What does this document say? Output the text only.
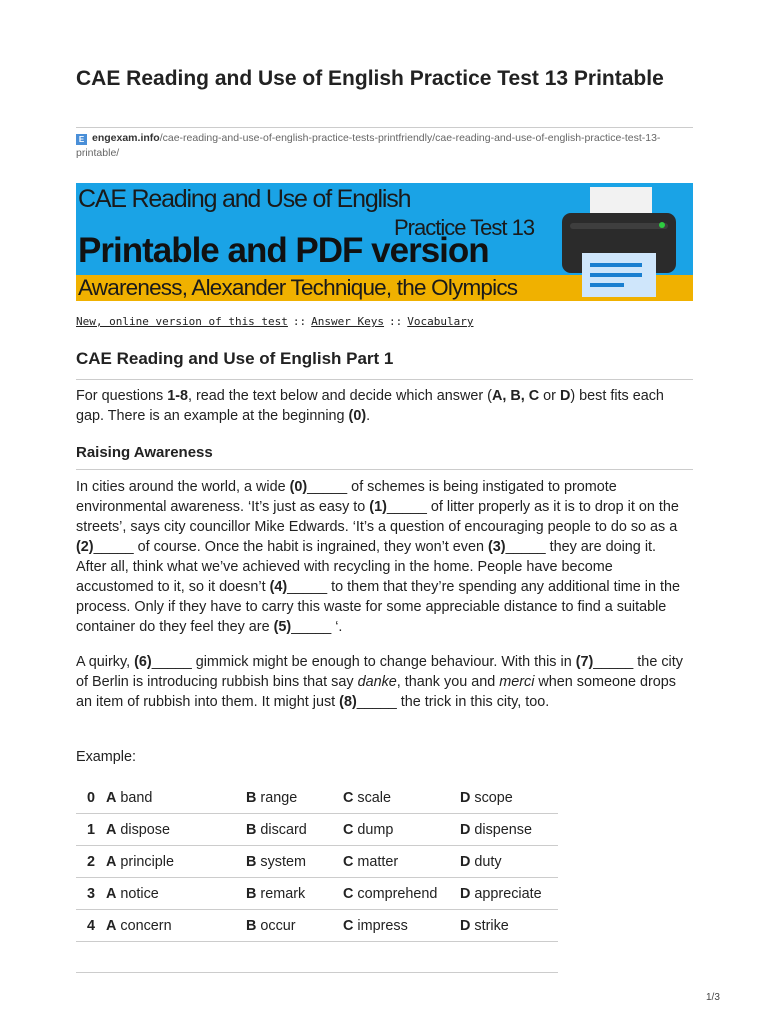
CAE Reading and Use of English Practice Test 13 Printable
E engexam.info/cae-reading-and-use-of-english-practice-tests-printfriendly/cae-reading-and-use-of-english-practice-test-13-printable/
CAE Reading and Use of English
Practice Test 13
Printable and PDF version
Awareness, Alexander Technique, the Olympics
New, online version of this test :: Answer Keys :: Vocabulary
CAE Reading and Use of English Part 1

For questions 1-8, read the text below and decide which answer (A, B, C or D) best fits each gap. There is an example at the beginning (0).

Raising Awareness

In cities around the world, a wide (0)_____ of schemes is being instigated to promote environmental awareness. ‘It’s just as easy to (1)_____ of litter properly as it is to drop it on the streets’, says city councillor Mike Edwards. ‘It’s a question of encouraging people to do so as a (2)_____ of course. Once the habit is ingrained, they won’t even (3)_____ they are doing it. After all, think what we’ve achieved with recycling in the home. People have become accustomed to it, so it doesn’t (4)_____ to them that they’re spending any additional time in the process. Only if they have to carry this waste for some appreciable distance to find a suitable container do they feel they are (5)_____ ‘.

A quirky, (6)_____ gimmick might be enough to change behaviour. With this in (7)_____ the city of Berlin is introducing rubbish bins that say danke, thank you and merci when someone drops an item of rubbish into them. It might just (8)_____ the trick in this city, too.

Example:

0	A band	B range	C scale	D scope
1	A dispose	B discard	C dump	D dispense
2	A principle	B system	C matter	D duty
3	A notice	B remark	C comprehend	D appreciate
4	A concern	B occur	C impress	D strike
1/3
